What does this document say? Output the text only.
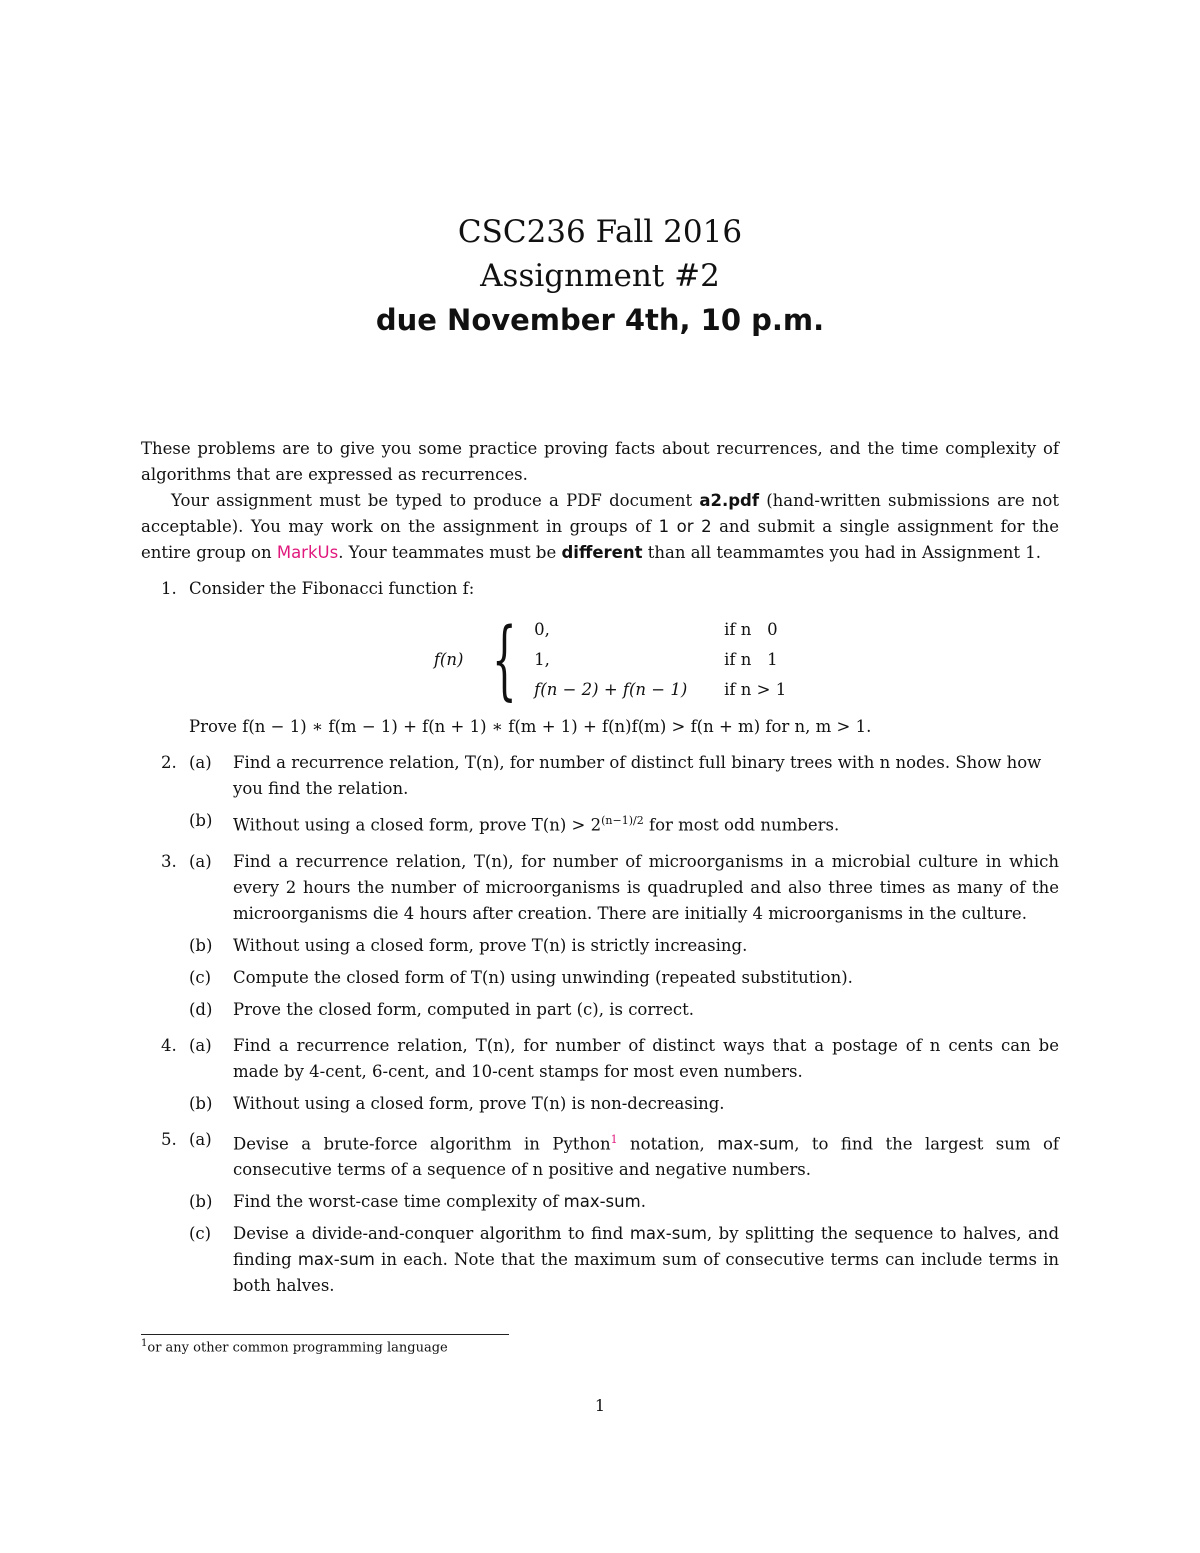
CSC236 Fall 2016
Assignment #2
due November 4th, 10 p.m.

These problems are to give you some practice proving facts about recurrences, and the time complexity of algorithms that are expressed as recurrences.

Your assignment must be typed to produce a PDF document a2.pdf (hand-written submissions are not acceptable). You may work on the assignment in groups of 1 or 2 and submit a single assignment for the entire group on MarkUs. Your teammates must be different than all teammamtes you had in Assignment 1.

1. Consider the Fibonacci function f:
f(n) { 0,	if n   0
1,	if n   1
f(n − 2) + f(n − 1)	if n > 1
Prove f(n − 1) ∗ f(m − 1) + f(n + 1) ∗ f(m + 1) + f(n)f(m) > f(n + m) for n, m > 1.
2. (a) Find a recurrence relation, T(n), for number of distinct full binary trees with n nodes. Show how you find the relation.
(b) Without using a closed form, prove $T(n) > 2^{(n-1)/2}$ for most odd numbers.
3. (a) Find a recurrence relation, T(n), for number of microorganisms in a microbial culture in which every 2 hours the number of microorganisms is quadrupled and also three times as many of the microorganisms die 4 hours after creation. There are initially 4 microorganisms in the culture.
(b) Without using a closed form, prove T(n) is strictly increasing.
(c) Compute the closed form of T(n) using unwinding (repeated substitution).
(d) Prove the closed form, computed in part (c), is correct.
4. (a) Find a recurrence relation, T(n), for number of distinct ways that a postage of n cents can be made by 4-cent, 6-cent, and 10-cent stamps for most even numbers.
(b) Without using a closed form, prove T(n) is non-decreasing.
5. (a) Devise a brute-force algorithm in Python$^1$ notation, max-sum, to find the largest sum of consecutive terms of a sequence of n positive and negative numbers.
(b) Find the worst-case time complexity of max-sum.
(c) Devise a divide-and-conquer algorithm to find max-sum, by splitting the sequence to halves, and finding max-sum in each. Note that the maximum sum of consecutive terms can include terms in both halves.
$^1$or any other common programming language
1
